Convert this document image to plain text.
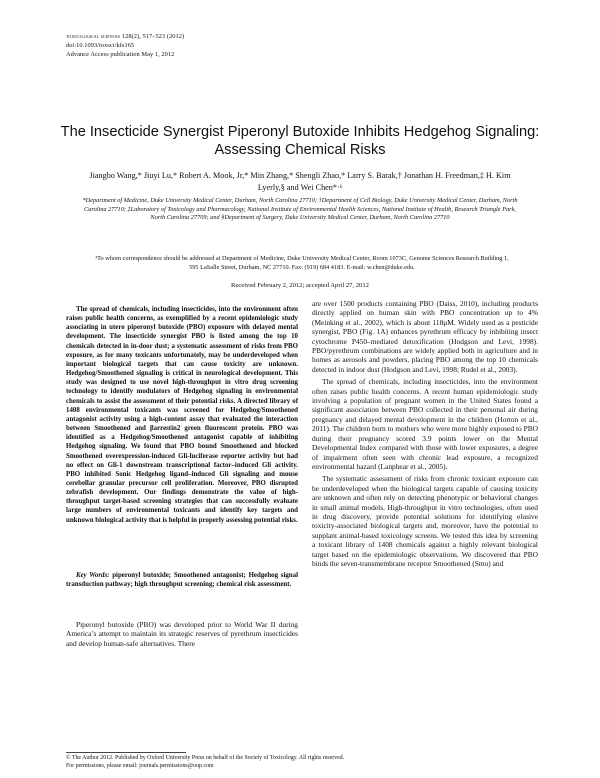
toxicological sciences 128(2), 517–523 (2012)
doi:10.1093/toxsci/kfs165
Advance Access publication May 1, 2012
The Insecticide Synergist Piperonyl Butoxide Inhibits Hedgehog Signaling: Assessing Chemical Risks
Jiangbo Wang,* Jiuyi Lu,* Robert A. Mook, Jr,* Min Zhang,* Shengli Zhao,* Larry S. Barak,† Jonathan H. Freedman,‡ H. Kim Lyerly,§ and Wei Chen*·¹
*Department of Medicine, Duke University Medical Center, Durham, North Carolina 27710; †Department of Cell Biology, Duke University Medical Center, Durham, North Carolina 27710; ‡Laboratory of Toxicology and Pharmacology, National Institute of Environmental Health Sciences, National Institute of Health, Research Triangle Park, North Carolina 27709; and §Department of Surgery, Duke University Medical Center, Durham, North Carolina 27710
¹To whom correspondence should be addressed at Department of Medicine, Duke University Medical Center, Room 1073C, Genome Sciences Research Building 1, 595 LaSalle Street, Durham, NC 27710. Fax: (919) 684 4183. E-mail: w.chen@duke.edu.
Received February 2, 2012; accepted April 27, 2012
The spread of chemicals, including insecticides, into the environment often raises public health concerns, as exemplified by a recent epidemiologic study associating in utero piperonyl butoxide (PBO) exposure with delayed mental development. The insecticide synergist PBO is listed among the top 10 chemicals detected in in-door dust; a systematic assessment of risks from PBO exposure, as for many toxicants unfortunately, may be underdeveloped when important biological targets that can cause toxicity are unknown. Hedgehog/Smoothened signaling is critical in neurological development. This study was designed to use novel high-throughput in vitro drug screening technology to identify modulators of Hedgehog signaling in environmental chemicals to assist the assessment of their potential risks. A directed library of 1408 environmental toxicants was screened for Hedgehog/Smoothened antagonist activity using a high-content assay that evaluated the interaction between Smoothened and βarrestin2 green fluorescent protein. PBO was identified as a Hedgehog/Smoothened antagonist capable of inhibiting Hedgehog signaling. We found that PBO bound Smoothened and blocked Smoothened overexpression-induced Gli-luciferase reporter activity but had no effect on Gli-1 downstream transcriptional factor–induced Gli activity. PBO inhibited Sonic Hedgehog ligand–induced Gli signaling and mouse cerebellar granular precursor cell proliferation. Moreover, PBO disrupted zebrafish development. Our findings demonstrate the value of high-throughput target-based screening strategies that can successfully evaluate large numbers of environmental toxicants and identify key targets and unknown biological activity that is helpful in properly assessing potential risks.
Key Words: piperonyl butoxide; Smoothened antagonist; Hedgehog signal transduction pathway; high throughput screening; chemical risk assessment.
Piperonyl butoxide (PBO) was developed prior to World War II during America’s attempt to maintain its strategic reserves of pyrethrum insecticides and develop human-safe alternatives. There

are over 1500 products containing PBO (Daiss, 2010), including products directly applied on human skin with PBO concentration up to 4% (Meinking et al., 2002), which is about 118μM. Widely used as a pesticide synergist, PBO (Fig. 1A) enhances pyrethrum efficacy by inhibiting insect cytochrome P450–mediated detoxification (Hodgson and Levi, 1998). PBO/pyrethrum combinations are widely applied both in agriculture and in homes as aerosols and powders, placing PBO among the top 10 chemicals detected in indoor dust (Hodgson and Levi, 1998; Rudel et al., 2003).

The spread of chemicals, including insecticides, into the environment often raises public health concerns. A recent human epidemiologic study involving a population of pregnant women in the United States found a significant association between PBO collected in their personal air during pregnancy and delayed mental development in the children (Horton et al., 2011). The children born to mothers who were more highly exposed to PBO during their pregnancy scored 3.9 points lower on the Mental Developmental Index compared with those with lower exposures, a degree of impairment often seen with chronic lead exposure, a recognized environmental hazard (Lanphear et al., 2005).

The systematic assessment of risks from chronic toxicant exposure can be underdeveloped when the biological targets capable of causing toxicity are unknown and often rely on detecting phenotypic or behavioral changes in small animal models. High-throughput in vitro technologies, often used in drug discovery, provide potential solutions for identifying elusive toxicity-associated biological targets and, moreover, have the potential to supplant animal-based toxicology screens. We tested this idea by screening a toxicant library of 1408 chemicals against a highly relevant biological target based on the epidemiologic observations. We discovered that PBO binds the seven-transmembrane receptor Smoothened (Smo) and

© The Author 2012. Published by Oxford University Press on behalf of the Society of Toxicology. All rights reserved.
For permissions, please email: journals.permissions@oup.com
